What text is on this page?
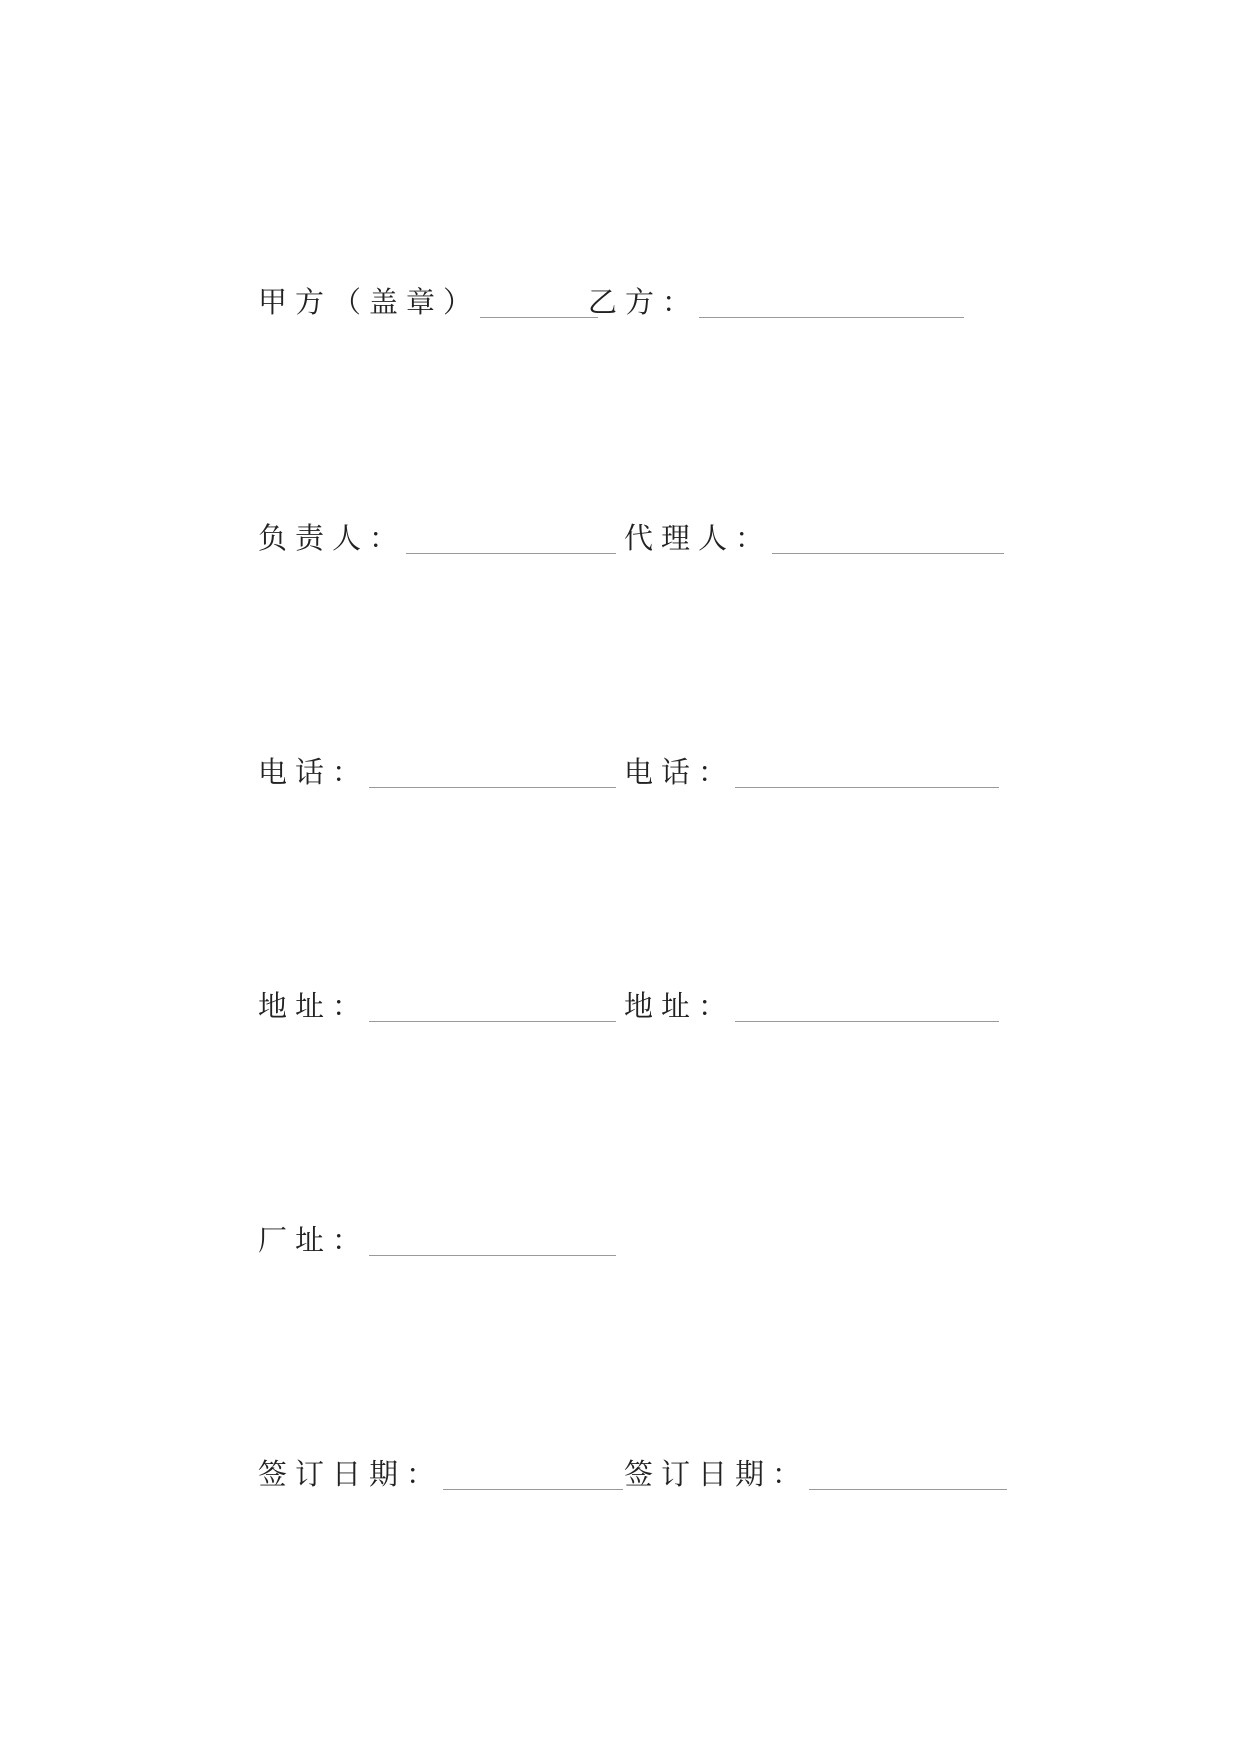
甲方（盖章）	乙方：
负责人：	代理人：
电话：	电话：
地址：	地址：
厂址：
签订日期：	签订日期：
